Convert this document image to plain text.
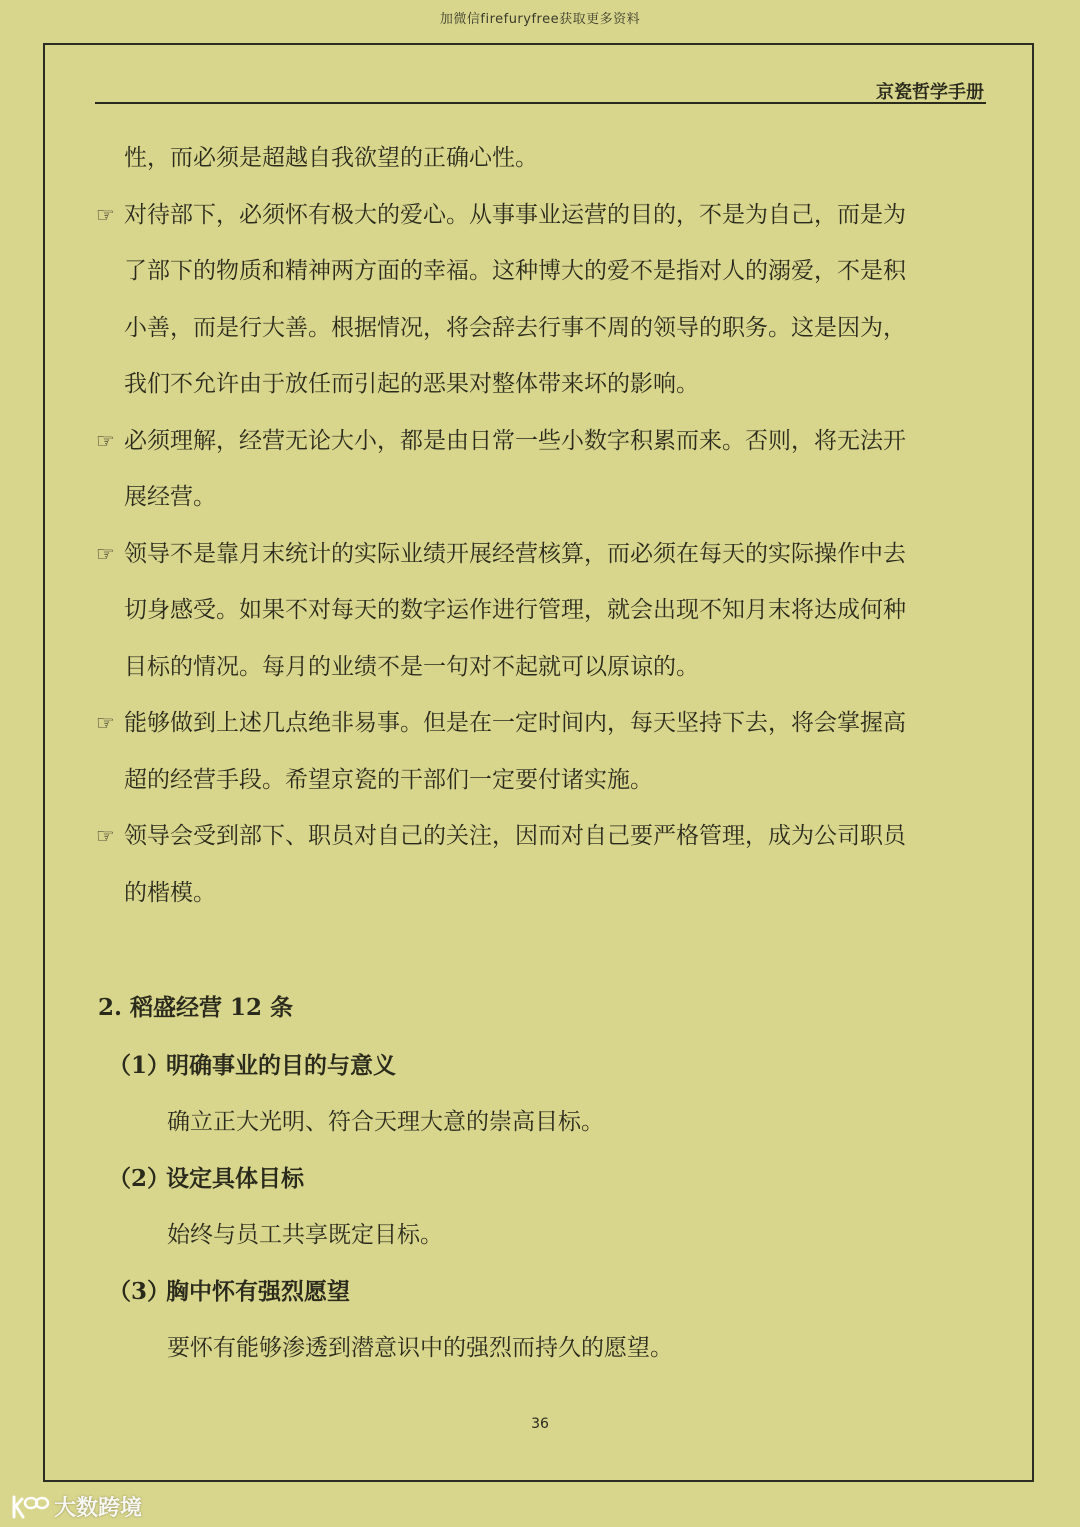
加微信firefuryfree获取更多资料
京瓷哲学手册
性，而必须是超越自我欲望的正确心性。
☞ 对待部下，必须怀有极大的爱心。从事事业运营的目的，不是为自己，而是为
了部下的物质和精神两方面的幸福。这种博大的爱不是指对人的溺爱，不是积
小善，而是行大善。根据情况，将会辞去行事不周的领导的职务。这是因为，
我们不允许由于放任而引起的恶果对整体带来坏的影响。
☞ 必须理解，经营无论大小，都是由日常一些小数字积累而来。否则，将无法开
展经营。
☞ 领导不是靠月末统计的实际业绩开展经营核算，而必须在每天的实际操作中去
切身感受。如果不对每天的数字运作进行管理，就会出现不知月末将达成何种
目标的情况。每月的业绩不是一句对不起就可以原谅的。
☞ 能够做到上述几点绝非易事。但是在一定时间内，每天坚持下去，将会掌握高
超的经营手段。希望京瓷的干部们一定要付诸实施。
☞ 领导会受到部下、职员对自己的关注，因而对自己要严格管理，成为公司职员
的楷模。
2. 稻盛经营 12 条
（1）明确事业的目的与意义
确立正大光明、符合天理大意的崇高目标。
（2）设定具体目标
始终与员工共享既定目标。
（3）胸中怀有强烈愿望
要怀有能够渗透到潜意识中的强烈而持久的愿望。
36
大数跨境
